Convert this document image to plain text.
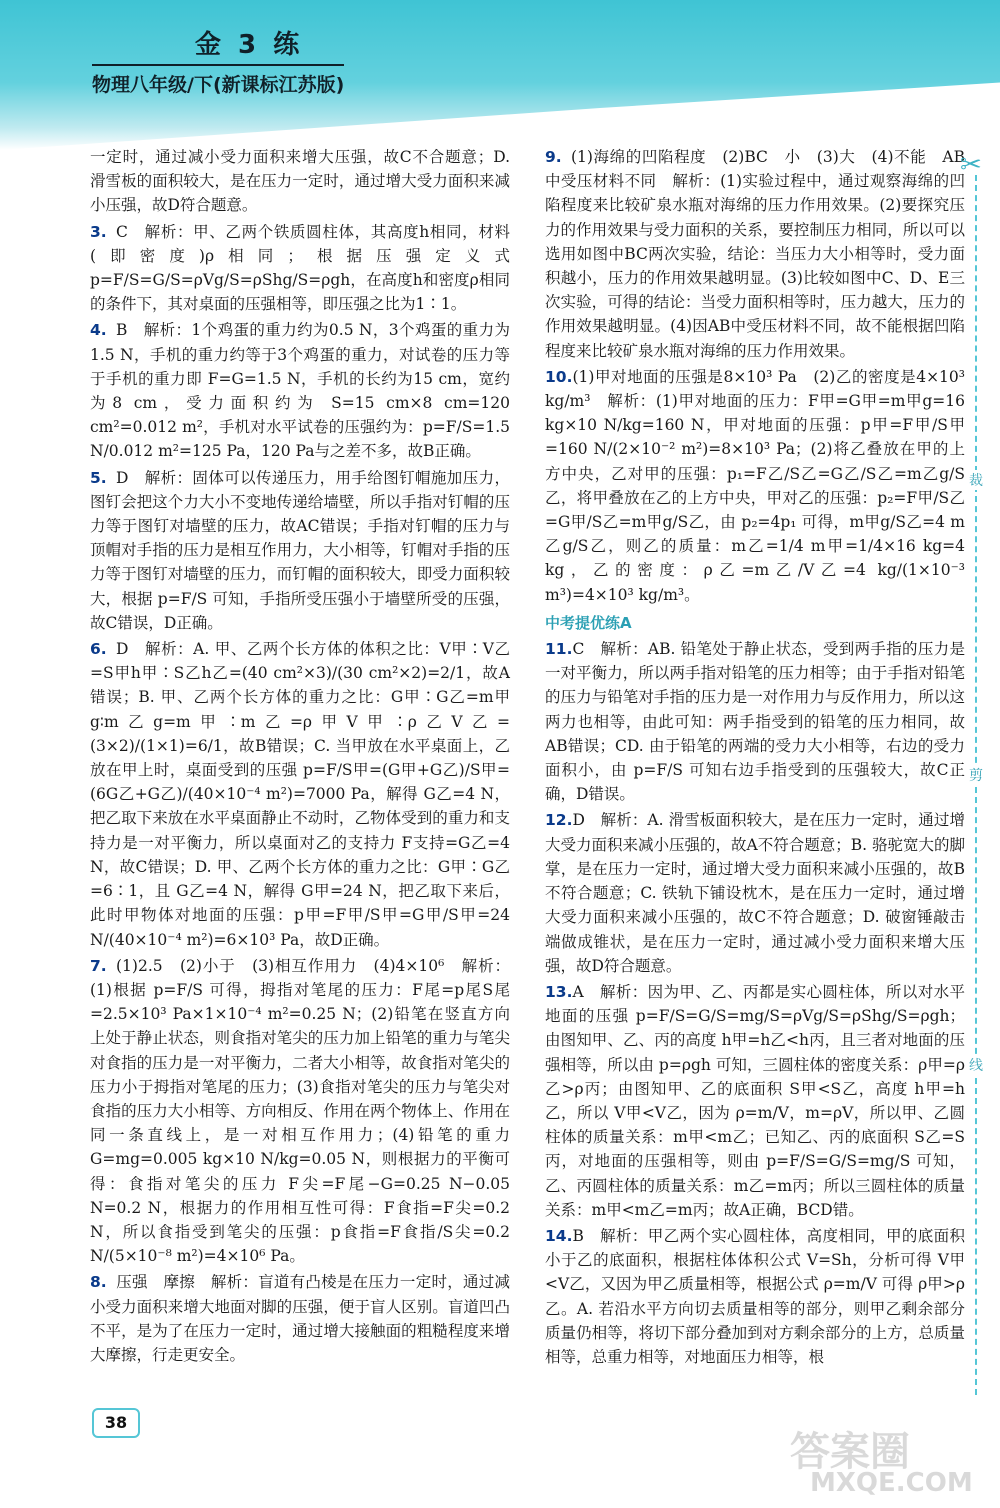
金 3 练
物理八年级/下(新课标江苏版)
一定时，通过减小受力面积来增大压强，故C不合题意；D. 滑雪板的面积较大，是在压力一定时，通过增大受力面积来减小压强，故D符合题意。
3. C　解析：甲、乙两个铁质圆柱体，其高度h相同，材料(即密度)ρ相同；根据压强定义式 p=F/S=G/S=ρVg/S=ρShg/S=ρgh，在高度h和密度ρ相同的条件下，其对桌面的压强相等，即压强之比为1∶1。
4. B　解析：1个鸡蛋的重力约为0.5 N，3个鸡蛋的重力为1.5 N，手机的重力约等于3个鸡蛋的重力，对试卷的压力等于手机的重力即 F=G=1.5 N，手机的长约为15 cm，宽约为8 cm，受力面积约为 S=15 cm×8 cm=120 cm²=0.012 m²，手机对水平试卷的压强约为：p=F/S=1.5 N/0.012 m²=125 Pa，120 Pa与之差不多，故B正确。
5. D　解析：固体可以传递压力，用手给图钉帽施加压力，图钉会把这个力大小不变地传递给墙壁，所以手指对钉帽的压力等于图钉对墙壁的压力，故AC错误；手指对钉帽的压力与顶帽对手指的压力是相互作用力，大小相等，钉帽对手指的压力等于图钉对墙壁的压力，而钉帽的面积较大，即受力面积较大，根据 p=F/S 可知，手指所受压强小于墙壁所受的压强，故C错误，D正确。
6. D　解析：A. 甲、乙两个长方体的体积之比：V甲∶V乙=S甲h甲∶S乙h乙=(40 cm²×3)/(30 cm²×2)=2/1，故A错误；B. 甲、乙两个长方体的重力之比：G甲∶G乙=m甲g∶m乙g=m甲∶m乙=ρ甲V甲∶ρ乙V乙=(3×2)/(1×1)=6/1，故B错误；C. 当甲放在水平桌面上，乙放在甲上时，桌面受到的压强 p=F/S甲=(G甲+G乙)/S甲=(6G乙+G乙)/(40×10⁻⁴ m²)=7000 Pa，解得 G乙=4 N，把乙取下来放在水平桌面静止不动时，乙物体受到的重力和支持力是一对平衡力，所以桌面对乙的支持力 F支持=G乙=4 N，故C错误；D. 甲、乙两个长方体的重力之比：G甲∶G乙=6∶1，且 G乙=4 N，解得 G甲=24 N，把乙取下来后，此时甲物体对地面的压强：p甲=F甲/S甲=G甲/S甲=24 N/(40×10⁻⁴ m²)=6×10³ Pa，故D正确。
7. (1)2.5　(2)小于　(3)相互作用力　(4)4×10⁶　解析：(1)根据 p=F/S 可得，拇指对笔尾的压力：F尾=p尾S尾=2.5×10³ Pa×1×10⁻⁴ m²=0.25 N；(2)铅笔在竖直方向上处于静止状态，则食指对笔尖的压力加上铅笔的重力与笔尖对食指的压力是一对平衡力，二者大小相等，故食指对笔尖的压力小于拇指对笔尾的压力；(3)食指对笔尖的压力与笔尖对食指的压力大小相等、方向相反、作用在两个物体上、作用在同一条直线上，是一对相互作用力；(4)铅笔的重力 G=mg=0.005 kg×10 N/kg=0.05 N，则根据力的平衡可得：食指对笔尖的压力 F尖=F尾−G=0.25 N−0.05 N=0.2 N，根据力的作用相互性可得：F食指=F尖=0.2 N，所以食指受到笔尖的压强：p食指=F食指/S尖=0.2 N/(5×10⁻⁸ m²)=4×10⁶ Pa。
8. 压强　摩擦　解析：盲道有凸棱是在压力一定时，通过减小受力面积来增大地面对脚的压强，便于盲人区别。盲道凹凸不平，是为了在压力一定时，通过增大接触面的粗糙程度来增大摩擦，行走更安全。
9. (1)海绵的凹陷程度　(2)BC　小　(3)大　(4)不能　AB中受压材料不同　解析：(1)实验过程中，通过观察海绵的凹陷程度来比较矿泉水瓶对海绵的压力作用效果。(2)要探究压力的作用效果与受力面积的关系，要控制压力相同，所以可以选用如图中BC两次实验，结论：当压力大小相等时，受力面积越小，压力的作用效果越明显。(3)比较如图中C、D、E三次实验，可得的结论：当受力面积相等时，压力越大，压力的作用效果越明显。(4)因AB中受压材料不同，故不能根据凹陷程度来比较矿泉水瓶对海绵的压力作用效果。
10.(1)甲对地面的压强是8×10³ Pa　(2)乙的密度是4×10³ kg/m³　解析：(1)甲对地面的压力：F甲=G甲=m甲g=16 kg×10 N/kg=160 N，甲对地面的压强：p甲=F甲/S甲=160 N/(2×10⁻² m²)=8×10³ Pa；(2)将乙叠放在甲的上方中央，乙对甲的压强：p₁=F乙/S乙=G乙/S乙=m乙g/S乙，将甲叠放在乙的上方中央，甲对乙的压强：p₂=F甲/S乙=G甲/S乙=m甲g/S乙，由 p₂=4p₁ 可得，m甲g/S乙=4 m乙g/S乙，则乙的质量：m乙=1/4 m甲=1/4×16 kg=4 kg，乙的密度：ρ乙=m乙/V乙=4 kg/(1×10⁻³ m³)=4×10³ kg/m³。
中考提优练A
11.C　解析：AB. 铅笔处于静止状态，受到两手指的压力是一对平衡力，所以两手指对铅笔的压力相等；由于手指对铅笔的压力与铅笔对手指的压力是一对作用力与反作用力，所以这两力也相等，由此可知：两手指受到的铅笔的压力相同，故AB错误；CD. 由于铅笔的两端的受力大小相等，右边的受力面积小，由 p=F/S 可知右边手指受到的压强较大，故C正确，D错误。
12.D　解析：A. 滑雪板面积较大，是在压力一定时，通过增大受力面积来减小压强的，故A不符合题意；B. 骆驼宽大的脚掌，是在压力一定时，通过增大受力面积来减小压强的，故B不符合题意；C. 铁轨下铺设枕木，是在压力一定时，通过增大受力面积来减小压强的，故C不符合题意；D. 破窗锤敲击端做成锥状，是在压力一定时，通过减小受力面积来增大压强，故D符合题意。
13.A　解析：因为甲、乙、丙都是实心圆柱体，所以对水平地面的压强 p=F/S=G/S=mg/S=ρVg/S=ρShg/S=ρgh；由图知甲、乙、丙的高度 h甲=h乙<h丙，且三者对地面的压强相等，所以由 p=ρgh 可知，三圆柱体的密度关系：ρ甲=ρ乙>ρ丙；由图知甲、乙的底面积 S甲<S乙，高度 h甲=h乙，所以 V甲<V乙，因为 ρ=m/V，m=ρV，所以甲、乙圆柱体的质量关系：m甲<m乙；已知乙、丙的底面积 S乙=S丙，对地面的压强相等，则由 p=F/S=G/S=mg/S 可知，乙、丙圆柱体的质量关系：m乙=m丙；所以三圆柱体的质量关系：m甲<m乙=m丙；故A正确，BCD错。
14.B　解析：甲乙两个实心圆柱体，高度相同，甲的底面积小于乙的底面积，根据柱体体积公式 V=Sh，分析可得 V甲<V乙，又因为甲乙质量相等，根据公式 ρ=m/V 可得 ρ甲>ρ乙。A. 若沿水平方向切去质量相等的部分，则甲乙剩余部分质量仍相等，将切下部分叠加到对方剩余部分的上方，总质量相等，总重力相等，对地面压力相等，根
✂
裁
剪
线
38
答案圈
MXQE.COM
